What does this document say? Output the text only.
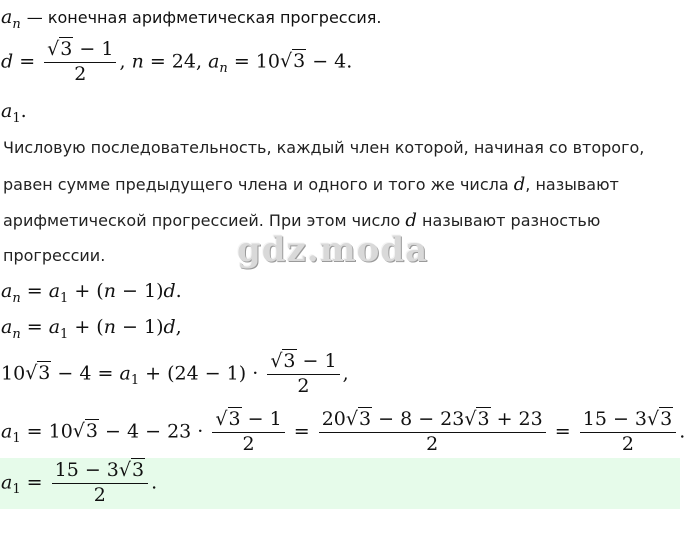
$a_n$ — конечная арифметическая прогрессия.
$d = \frac{√3 - 1}{2}$ , n = 24, $a_n = 10√3 - 4$.
$a_1$.
Числовую последовательность, каждый член которой, начиная со второго,
равен сумме предыдущего члена и одного и того же числа d, называют
арифметической прогрессией. При этом число d называют разностью
прогрессии.	gdz.moda
$a_n = a_1 + (n - 1)d$.
$a_n = a_1 + (n - 1)d$,
$10√3 - 4 = a_1 + (24 - 1) \cdot \frac{√3 - 1}{2}$ ,
$a_1 = 10√3 - 4 - 23 \cdot \frac{√3 - 1}{2} = \frac{20√3 - 8 - 23√3 + 23}{2} = \frac{15 - 3√3}{2}$ .
$a_1 = \frac{15 - 3√3}{2}$ .
